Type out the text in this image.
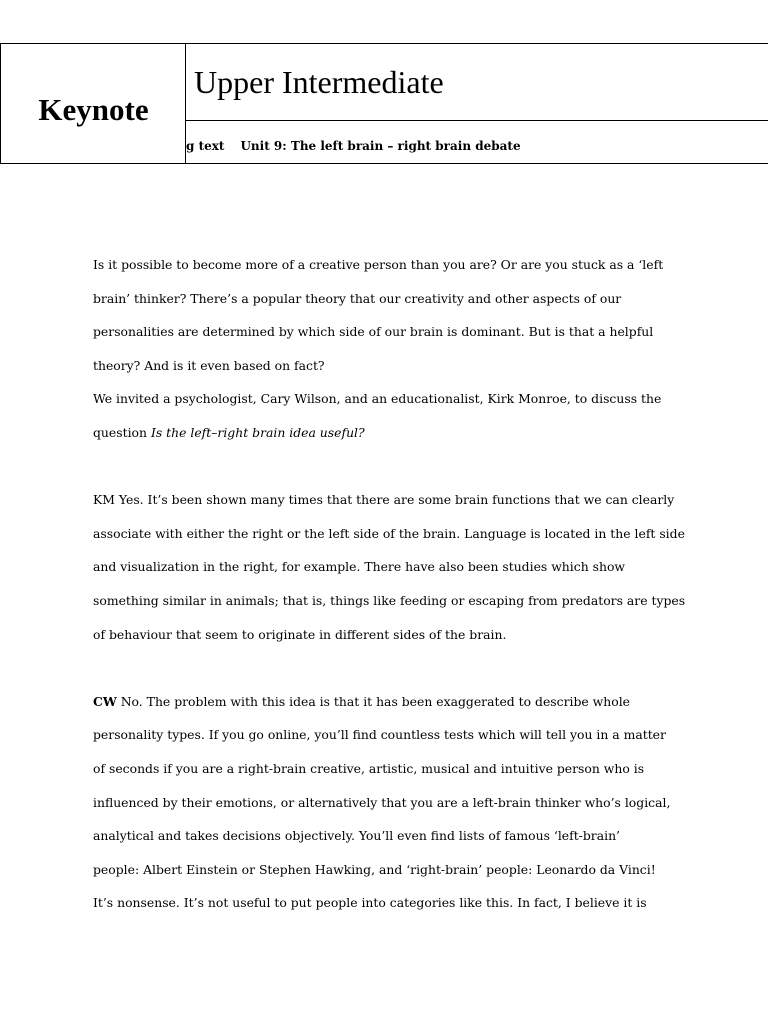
Keynote
Upper Intermediate
g text Unit 9: The left brain – right brain debate
Is it possible to become more of a creative person than you are? Or are you stuck as a ‘left
brain’ thinker? There’s a popular theory that our creativity and other aspects of our
personalities are determined by which side of our brain is dominant. But is that a helpful
theory? And is it even based on fact?
We invited a psychologist, Cary Wilson, and an educationalist, Kirk Monroe, to discuss the
question Is the left–right brain idea useful?
KM Yes. It’s been shown many times that there are some brain functions that we can clearly
associate with either the right or the left side of the brain. Language is located in the left side
and visualization in the right, for example. There have also been studies which show
something similar in animals; that is, things like feeding or escaping from predators are types
of behaviour that seem to originate in different sides of the brain.
CW No. The problem with this idea is that it has been exaggerated to describe whole
personality types. If you go online, you’ll find countless tests which will tell you in a matter
of seconds if you are a right-brain creative, artistic, musical and intuitive person who is
influenced by their emotions, or alternatively that you are a left-brain thinker who’s logical,
analytical and takes decisions objectively. You’ll even find lists of famous ‘left-brain’
people: Albert Einstein or Stephen Hawking, and ‘right-brain’ people: Leonardo da Vinci!
It’s nonsense. It’s not useful to put people into categories like this. In fact, I believe it is
